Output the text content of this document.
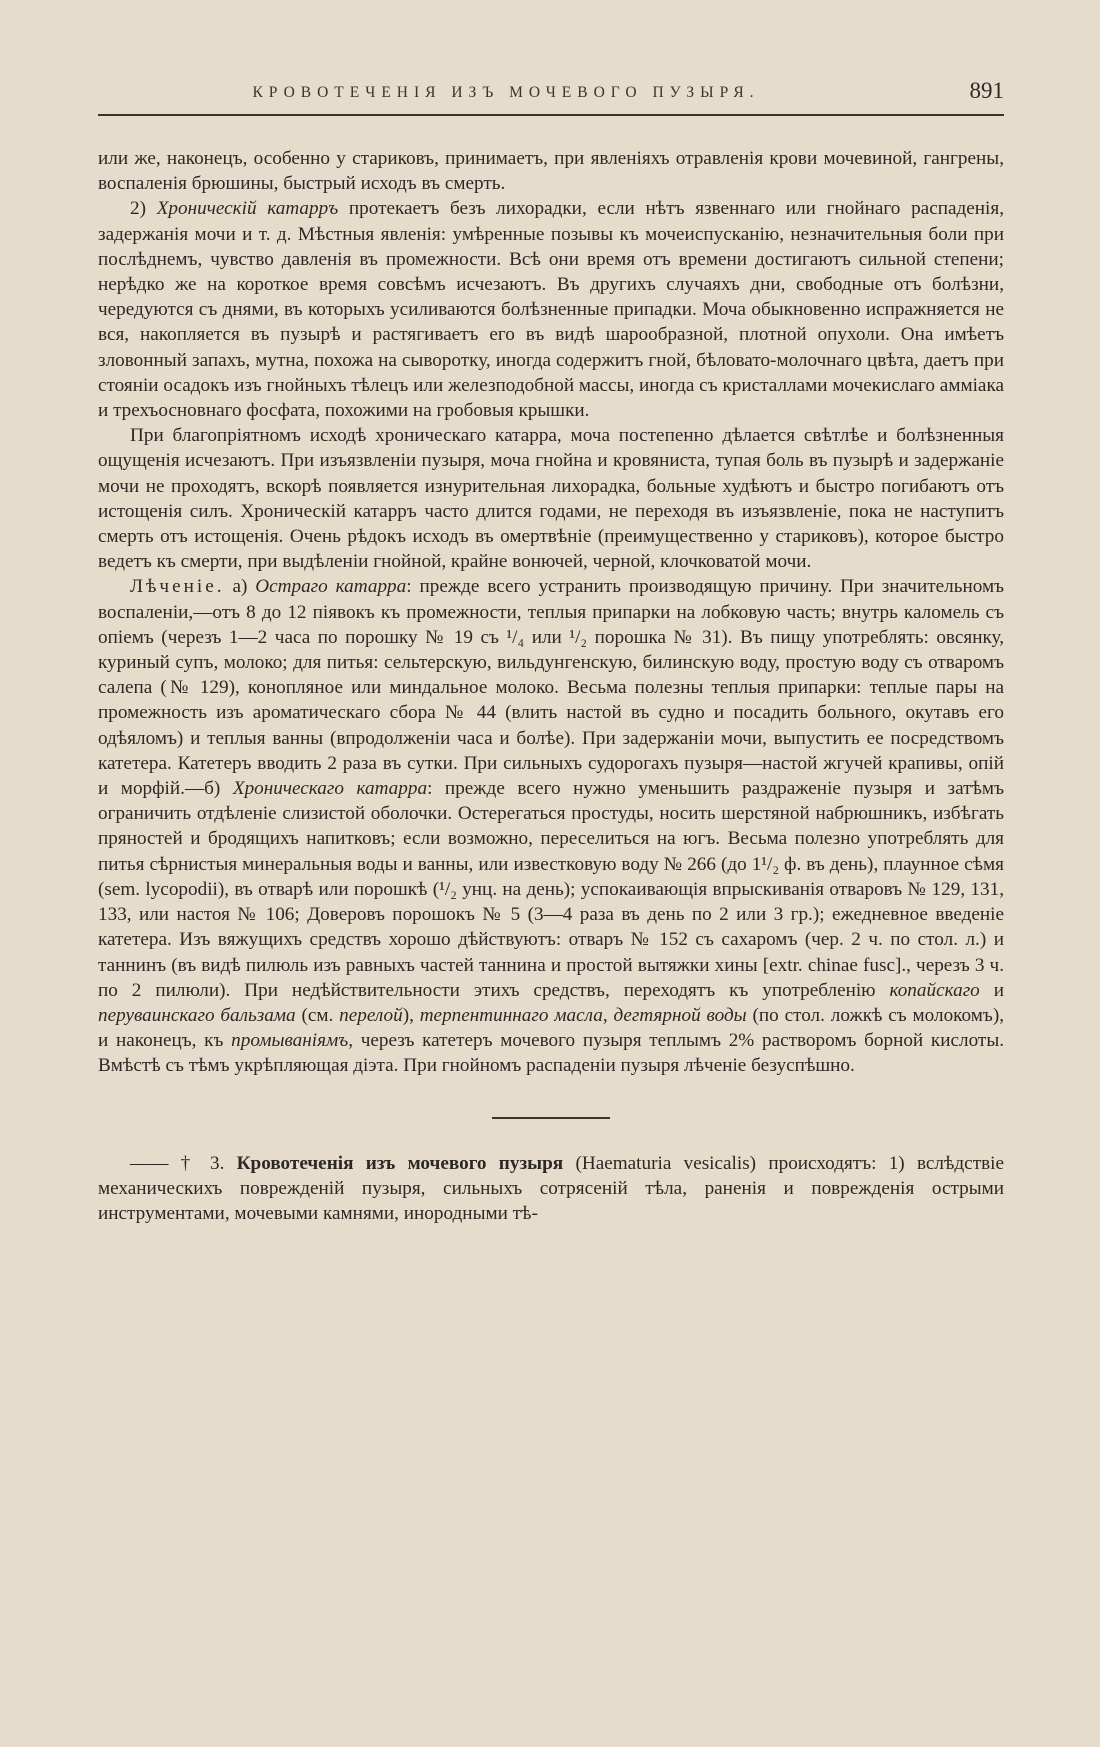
КРОВОТЕЧЕНІЯ ИЗЪ МОЧЕВОГО ПУЗЫРЯ.	891

или же, наконецъ, особенно у стариковъ, принимаетъ, при явленіяхъ отравленія крови мочевиной, гангрены, воспаленія брюшины, быстрый исходъ въ смерть.

2) Хроническій катарръ протекаетъ безъ лихорадки, если нѣтъ язвеннаго или гнойнаго распаденія, задержанія мочи и т. д. Мѣстныя явленія: умѣренные позывы къ мочеиспусканію, незначительныя боли при послѣднемъ, чувство давленія въ промежности. Всѣ они время отъ времени достигаютъ сильной степени; нерѣдко же на короткое время совсѣмъ исчезаютъ. Въ другихъ случаяхъ дни, свободные отъ болѣзни, чередуются съ днями, въ которыхъ усиливаются болѣзненные припадки. Моча обыкновенно испражняется не вся, накопляется въ пузырѣ и растягиваетъ его въ видѣ шарообразной, плотной опухоли. Она имѣетъ зловонный запахъ, мутна, похожа на сыворотку, иногда содержитъ гной, бѣловато-молочнаго цвѣта, даетъ при стояніи осадокъ изъ гнойныхъ тѣлецъ или железподобной массы, иногда съ кристаллами мочекислаго амміака и трехъосновнаго фосфата, похожими на гробовыя крышки.

При благопріятномъ исходѣ хроническаго катарра, моча постепенно дѣлается свѣтлѣе и болѣзненныя ощущенія исчезаютъ. При изъязвленіи пузыря, моча гнойна и кровяниста, тупая боль въ пузырѣ и задержаніе мочи не проходятъ, вскорѣ появляется изнурительная лихорадка, больные худѣютъ и быстро погибаютъ отъ истощенія силъ. Хроническій катарръ часто длится годами, не переходя въ изъязвленіе, пока не наступитъ смерть отъ истощенія. Очень рѣдокъ исходъ въ омертвѣніе (преимущественно у стариковъ), которое быстро ведетъ къ смерти, при выдѣленіи гнойной, крайне вонючей, черной, клочковатой мочи.

Лѣченіе. а) Остраго катарра: прежде всего устранить производящую причину. При значительномъ воспаленіи,—отъ 8 до 12 піявокъ къ промежности, теплыя припарки на лобковую часть; внутрь каломель съ опіемъ (черезъ 1—2 часа по порошку № 19 съ ¹/₄ или ¹/₂ порошка № 31). Въ пищу употреблять: овсянку, куриный супъ, молоко; для питья: сельтерскую, вильдунгенскую, билинскую воду, простую воду съ отваромъ салепа (№ 129), конопляное или миндальное молоко. Весьма полезны теплыя припарки: теплые пары на промежность изъ ароматическаго сбора № 44 (влить настой въ судно и посадить больного, окутавъ его одѣяломъ) и теплыя ванны (впродолженіи часа и болѣе). При задержаніи мочи, выпустить ее посредствомъ катетера. Катетеръ вводить 2 раза въ сутки. При сильныхъ судорогахъ пузыря—настой жгучей крапивы, опій и морфій.—б) Хроническаго катарра: прежде всего нужно уменьшить раздраженіе пузыря и затѣмъ ограничить отдѣленіе слизистой оболочки. Остерегаться простуды, носить шерстяной набрюшникъ, избѣгать пряностей и бродящихъ напитковъ; если возможно, переселиться на югъ. Весьма полезно употреблять для питья сѣрнистыя минеральныя воды и ванны, или известковую воду № 266 (до 1¹/₂ ф. въ день), плаунное сѣмя (sem. lycopodii), въ отварѣ или порошкѣ (¹/₂ унц. на день); успокаивающія впрыскиванія отваровъ № 129, 131, 133, или настоя № 106; Доверовъ порошокъ № 5 (3—4 раза въ день по 2 или 3 гр.); ежедневное введеніе катетера. Изъ вяжущихъ средствъ хорошо дѣйствуютъ: отваръ № 152 съ сахаромъ (чер. 2 ч. по стол. л.) и таннинъ (въ видѣ пилюль изъ равныхъ частей таннина и простой вытяжки хины [extr. chinae fusc]., черезъ 3 ч. по 2 пилюли). При недѣйствительности этихъ средствъ, переходятъ къ употребленію копайскаго и перуваинскаго бальзама (см. перелой), терпентиннаго масла, дегтярной воды (по стол. ложкѣ съ молокомъ), и наконецъ, къ промываніямъ, черезъ катетеръ мочевого пузыря теплымъ 2% растворомъ борной кислоты. Вмѣстѣ съ тѣмъ укрѣпляющая діэта. При гнойномъ распаденіи пузыря лѣченіе безуспѣшно.

—— † 3. Кровотеченія изъ мочевого пузыря (Haematuria vesicalis) происходятъ: 1) вслѣдствіе механическихъ поврежденій пузыря, сильныхъ сотрясеній тѣла, раненія и поврежденія острыми инструментами, мочевыми камнями, инородными тѣ-
